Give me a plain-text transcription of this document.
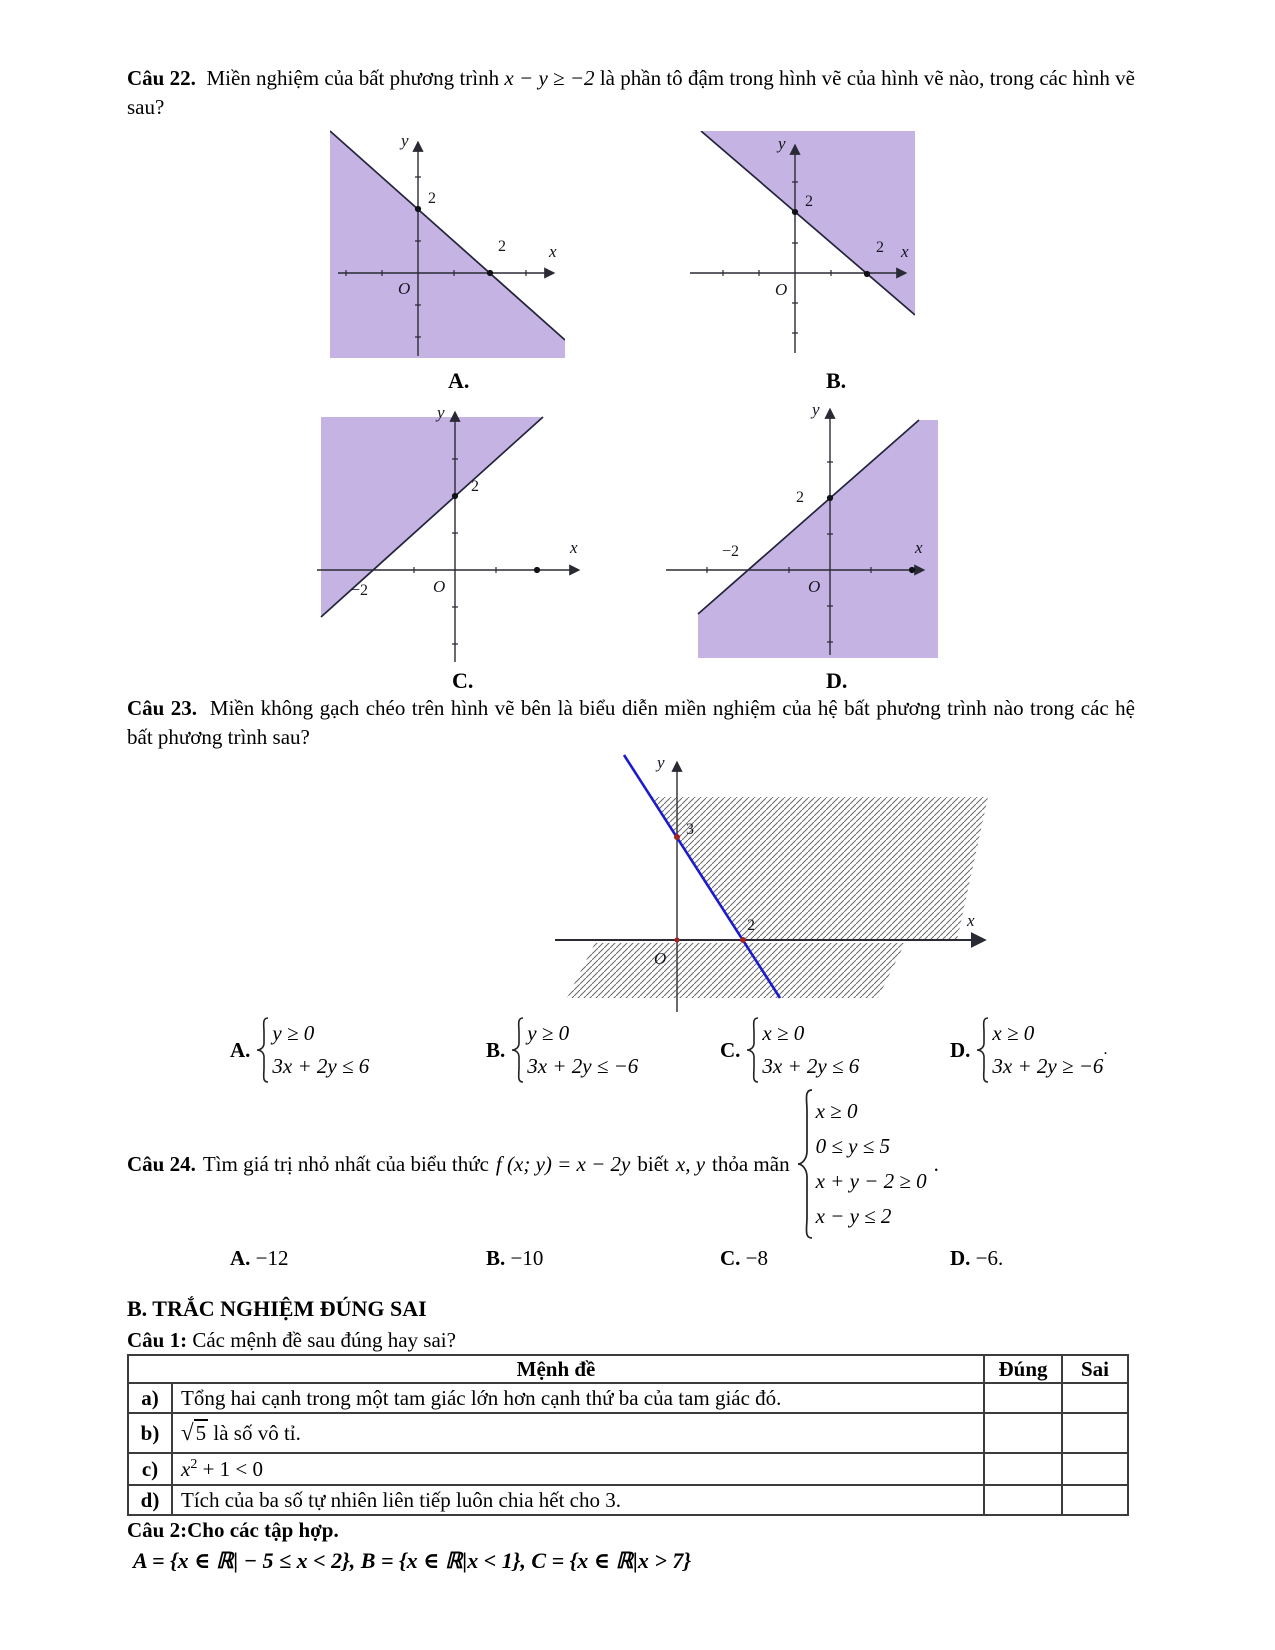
Câu 22. Miền nghiệm của bất phương trình x − y ≥ −2 là phần tô đậm trong hình vẽ của hình vẽ nào, trong các hình vẽ sau?

y
x
O
2
2
y
x
O
2
2
A.	B.
y
x
O
2
−2
y
x
O
2
−2
C.	D.

Câu 23. Miền không gạch chéo trên hình vẽ bên là biểu diễn miền nghiệm của hệ bất phương trình nào trong các hệ bất phương trình sau?

y
x
O
3
2
A.
y ≥ 0
3x + 2y ≤ 6
B.
y ≥ 0
3x + 2y ≤ −6
C.
x ≥ 0
3x + 2y ≤ 6
D.
x ≥ 0
3x + 2y ≥ −6
.
Câu 24. Tìm giá trị nhỏ nhất của biểu thức f (x; y) = x − 2y biết x, y thỏa mãn
x ≥ 0
0 ≤ y ≤ 5
x + y − 2 ≥ 0
x − y ≤ 2
.
A. −12	B. −10	C. −8	D. −6.
B. TRẮC NGHIỆM ĐÚNG SAI

Câu 1: Các mệnh đề sau đúng hay sai?

Mệnh đề		Đúng	Sai
a)	Tổng hai cạnh trong một tam giác lớn hơn cạnh thứ ba của tam giác đó.		
b)	√5 là số vô tỉ.		
c)	$x^2 + 1 < 0$		
d)	Tích của ba số tự nhiên liên tiếp luôn chia hết cho 3.		

Câu 2:Cho các tập hợp.

A = {x ∈ ℝ| − 5 ≤ x < 2}, B = {x ∈ ℝ|x < 1}, C = {x ∈ ℝ|x > 7}
